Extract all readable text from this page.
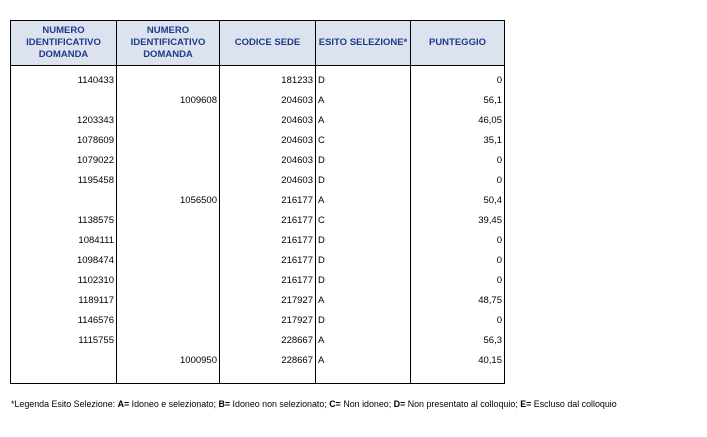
NUMERO IDENTIFICATIVO DOMANDA	NUMERO IDENTIFICATIVO DOMANDA	CODICE SEDE	ESITO SELEZIONE*	PUNTEGGIO
1140433		181233	D	0
	1009608	204603	A	56,1
1203343		204603	A	46,05
1078609		204603	C	35,1
1079022		204603	D	0
1195458		204603	D	0
	1056500	216177	A	50,4
1138575		216177	C	39,45
1084111		216177	D	0
1098474		216177	D	0
1102310		216177	D	0
1189117		217927	A	48,75
1146576		217927	D	0
1115755		228667	A	56,3
	1000950	228667	A	40,15

*Legenda Esito Selezione: A= Idoneo e selezionato; B= Idoneo non selezionato; C= Non idoneo; D= Non presentato al colloquio; E= Escluso dal colloquio
